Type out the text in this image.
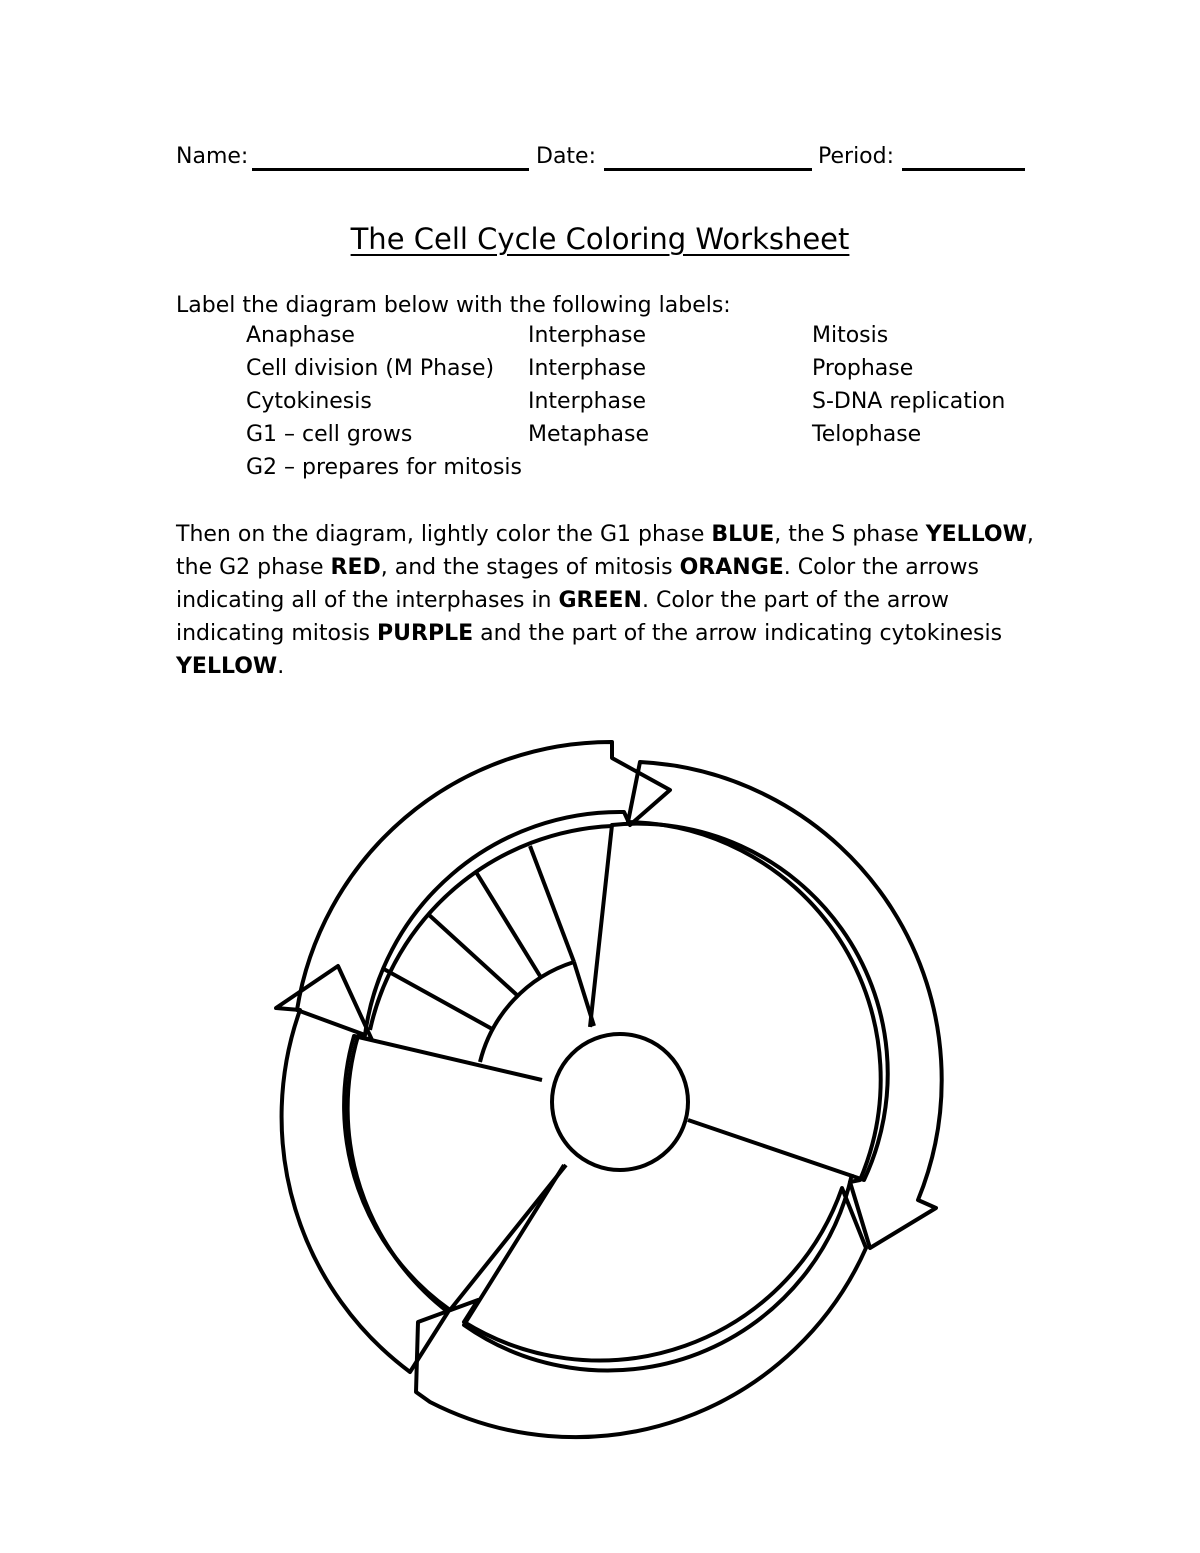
Name:	Date:	Period:
The Cell Cycle Coloring Worksheet
Label the diagram below with the following labels:
Anaphase
Cell division (M Phase)
Cytokinesis
G1 – cell grows
G2 – prepares for mitosis
Interphase
Interphase
Interphase
Metaphase
Mitosis
Prophase
S-DNA replication
Telophase
Then on the diagram, lightly color the G1 phase BLUE, the S phase YELLOW, the G2 phase RED, and the stages of mitosis ORANGE. Color the arrows indicating all of the interphases in GREEN. Color the part of the arrow indicating mitosis PURPLE and the part of the arrow indicating cytokinesis YELLOW.
